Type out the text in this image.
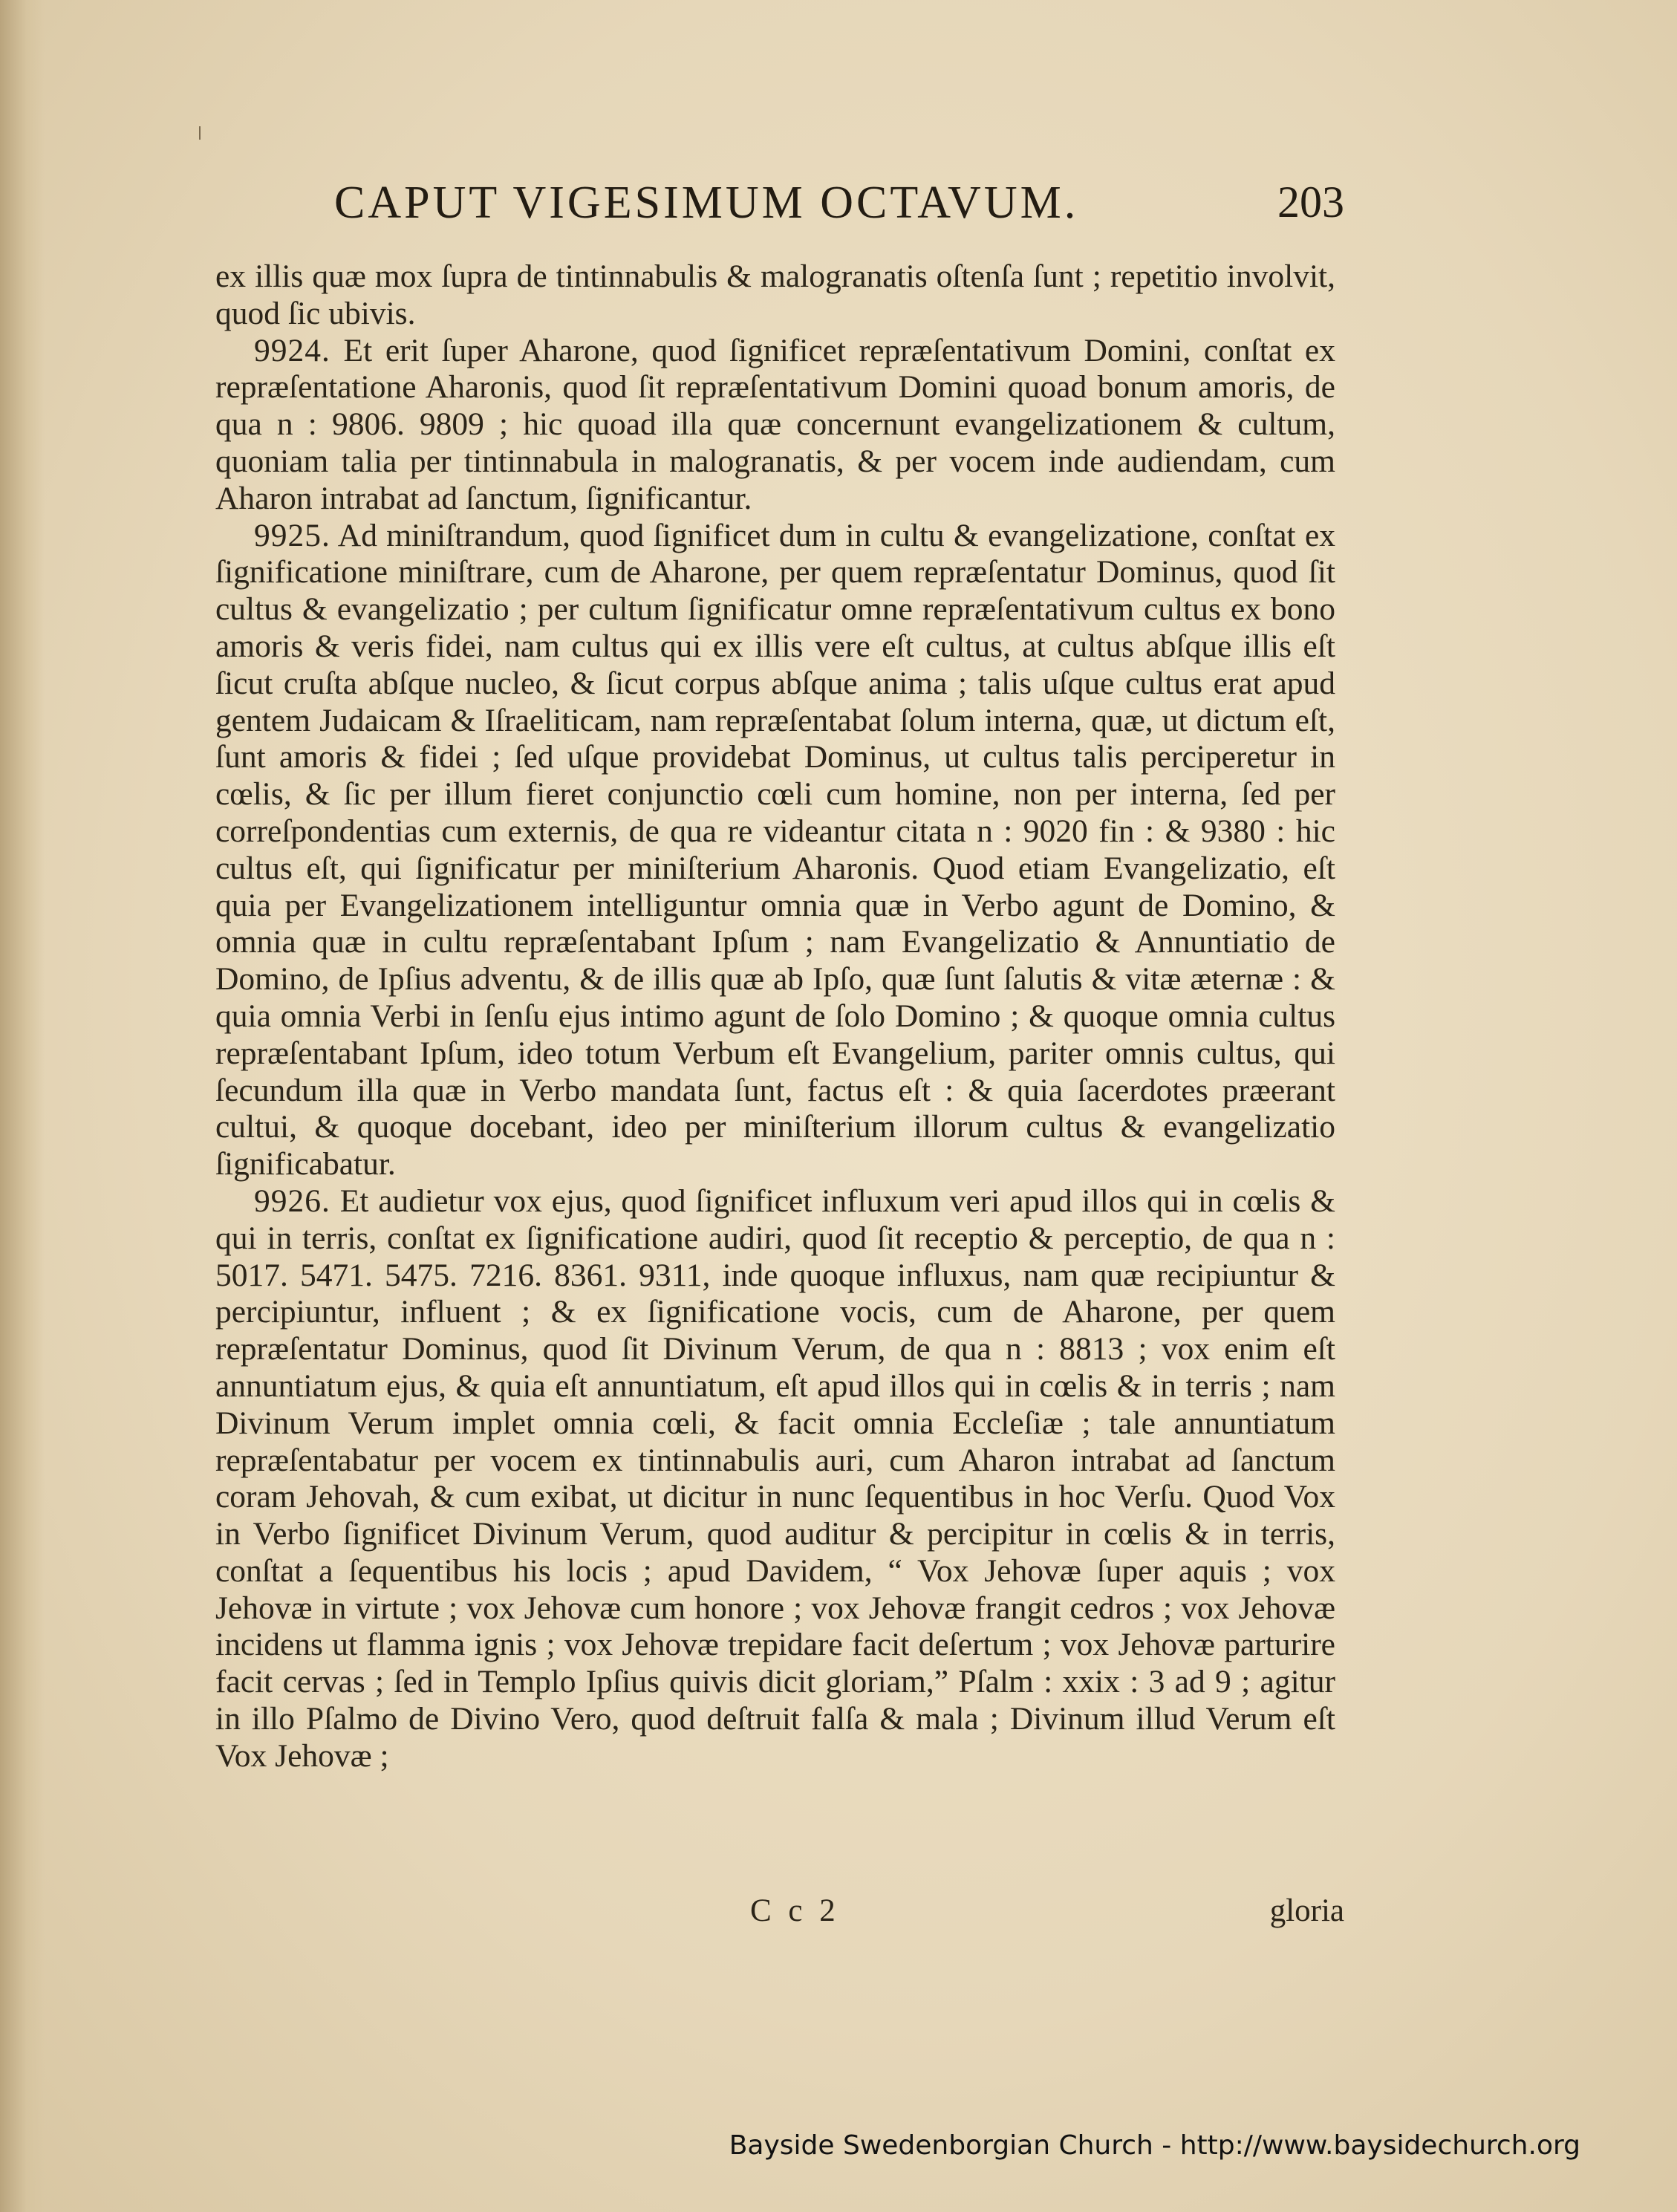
CAPUT VIGESIMUM OCTAVUM.	203

ex illis quæ mox ſupra de tintinnabulis & malogranatis oſtenſa ſunt ; repetitio involvit, quod ſic ubivis.

9924. Et erit ſuper Aharone, quod ſignificet repræſentativum Domini, conſtat ex repræſentatione Aharonis, quod ſit repræſentativum Domini quoad bonum amoris, de qua n : 9806. 9809 ; hic quoad illa quæ concernunt evangelizationem & cultum, quoniam talia per tintinnabula in malogranatis, & per vocem inde audiendam, cum Aharon intrabat ad ſanctum, ſignificantur.

9925. Ad miniſtrandum, quod ſignificet dum in cultu & evangelizatione, conſtat ex ſignificatione miniſtrare, cum de Aharone, per quem repræſentatur Dominus, quod ſit cultus & evangelizatio ; per cultum ſignificatur omne repræſentativum cultus ex bono amoris & veris fidei, nam cultus qui ex illis vere eſt cultus, at cultus abſque illis eſt ſicut cruſta abſque nucleo, & ſicut corpus abſque anima ; talis uſque cultus erat apud gentem Judaicam & Iſraeliticam, nam repræſentabat ſolum interna, quæ, ut dictum eſt, ſunt amoris & fidei ; ſed uſque providebat Dominus, ut cultus talis perciperetur in cœlis, & ſic per illum fieret conjunctio cœli cum homine, non per interna, ſed per correſpondentias cum externis, de qua re videantur citata n : 9020 fin : & 9380 : hic cultus eſt, qui ſignificatur per miniſterium Aharonis. Quod etiam Evangelizatio, eſt quia per Evangelizationem intelliguntur omnia quæ in Verbo agunt de Domino, & omnia quæ in cultu repræſentabant Ipſum ; nam Evangelizatio & Annuntiatio de Domino, de Ipſius adventu, & de illis quæ ab Ipſo, quæ ſunt ſalutis & vitæ æternæ : & quia omnia Verbi in ſenſu ejus intimo agunt de ſolo Domino ; & quoque omnia cultus repræſentabant Ipſum, ideo totum Verbum eſt Evangelium, pariter omnis cultus, qui ſecundum illa quæ in Verbo mandata ſunt, factus eſt : & quia ſacerdotes præerant cultui, & quoque docebant, ideo per miniſterium illorum cultus & evangelizatio ſignificabatur.

9926. Et audietur vox ejus, quod ſignificet influxum veri apud illos qui in cœlis & qui in terris, conſtat ex ſignificatione audiri, quod ſit receptio & perceptio, de qua n : 5017. 5471. 5475. 7216. 8361. 9311, inde quoque influxus, nam quæ recipiuntur & percipiuntur, influent ; & ex ſignificatione vocis, cum de Aharone, per quem repræſentatur Dominus, quod ſit Divinum Verum, de qua n : 8813 ; vox enim eſt annuntiatum ejus, & quia eſt annuntiatum, eſt apud illos qui in cœlis & in terris ; nam Divinum Verum implet omnia cœli, & facit omnia Eccleſiæ ; tale annuntiatum repræſentabatur per vocem ex tintinnabulis auri, cum Aharon intrabat ad ſanctum coram Jehovah, & cum exibat, ut dicitur in nunc ſequentibus in hoc Verſu. Quod Vox in Verbo ſignificet Divinum Verum, quod auditur & percipitur in cœlis & in terris, conſtat a ſequentibus his locis ; apud Davidem, “ Vox Jehovæ ſuper aquis ; vox Jehovæ in virtute ; vox Jehovæ cum honore ; vox Jehovæ frangit cedros ; vox Jehovæ incidens ut flamma ignis ; vox Jehovæ trepidare facit deſertum ; vox Jehovæ parturire facit cervas ; ſed in Templo Ipſius quivis dicit gloriam,” Pſalm : xxix : 3 ad 9 ; agitur in illo Pſalmo de Divino Vero, quod deſtruit falſa & mala ; Divinum illud Verum eſt Vox Jehovæ ;

C c 2	gloria
Bayside Swedenborgian Church - http://www.baysidechurch.org
